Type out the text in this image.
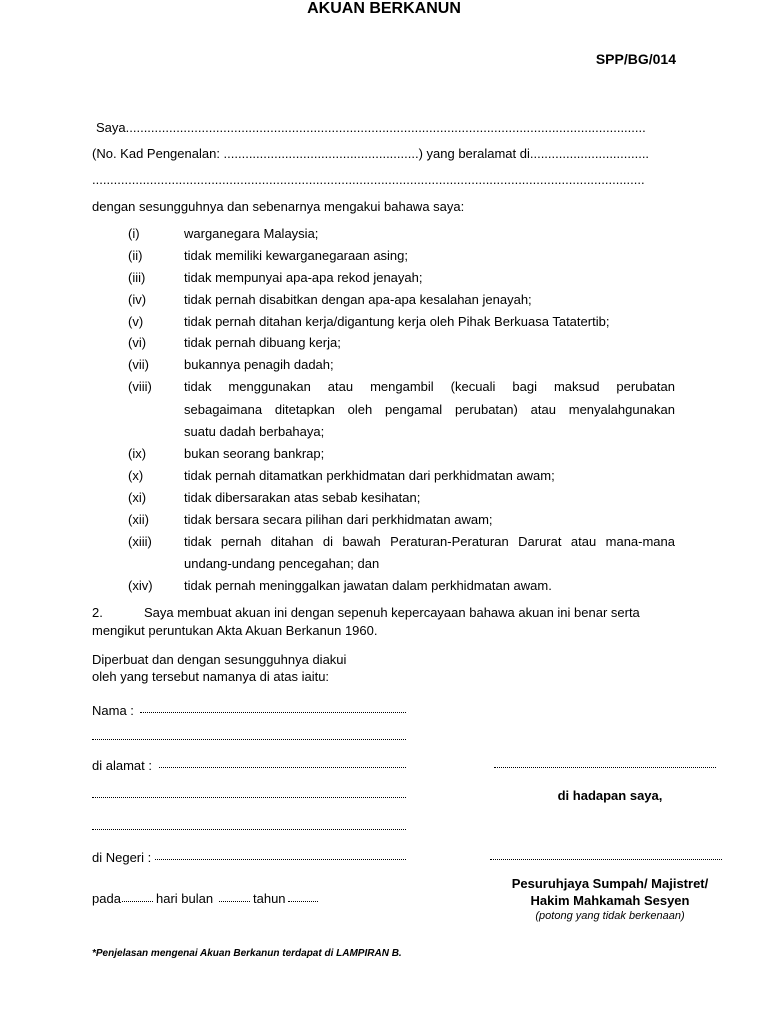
SPP/BG/014
AKUAN BERKANUN
Saya................................................................................................................................................
(No. Kad Pengenalan: ......................................................) yang beralamat di.................................
.........................................................................................................................................................
dengan sesungguhnya dan sebenarnya mengakui bahawa saya:
(i)	warganegara Malaysia;
(ii)	tidak memiliki kewarganegaraan asing;
(iii)	tidak mempunyai apa-apa rekod jenayah;
(iv)	tidak pernah disabitkan dengan apa-apa kesalahan jenayah;
(v)	tidak pernah ditahan kerja/digantung kerja oleh Pihak Berkuasa Tatatertib;
(vi)	tidak pernah dibuang kerja;
(vii)	bukannya penagih dadah;
(viii) tidak menggunakan atau mengambil (kecuali bagi maksud perubatan
sebagaimana ditetapkan oleh pengamal perubatan) atau menyalahgunakan
suatu dadah berbahaya;
(ix)	bukan seorang bankrap;
(x)	tidak pernah ditamatkan perkhidmatan dari perkhidmatan awam;
(xi)	tidak dibersarakan atas sebab kesihatan;
(xii)	tidak bersara secara pilihan dari perkhidmatan awam;
(xiii) tidak pernah ditahan di bawah Peraturan-Peraturan Darurat atau mana-mana
undang-undang pencegahan; dan
(xiv) tidak pernah meninggalkan jawatan dalam perkhidmatan awam.
2.	Saya membuat akuan ini dengan sepenuh kepercayaan bahawa akuan ini benar serta
mengikut peruntukan Akta Akuan Berkanun 1960.
Diperbuat dan dengan sesungguhnya diakui
oleh yang tersebut namanya di atas iaitu:
Nama :
di alamat :
di Negeri :
pada	hari bulan	tahun
di hadapan saya,
Pesuruhjaya Sumpah/ Majistret/
Hakim Mahkamah Sesyen
(potong yang tidak berkenaan)
*Penjelasan mengenai Akuan Berkanun terdapat di LAMPIRAN B.
